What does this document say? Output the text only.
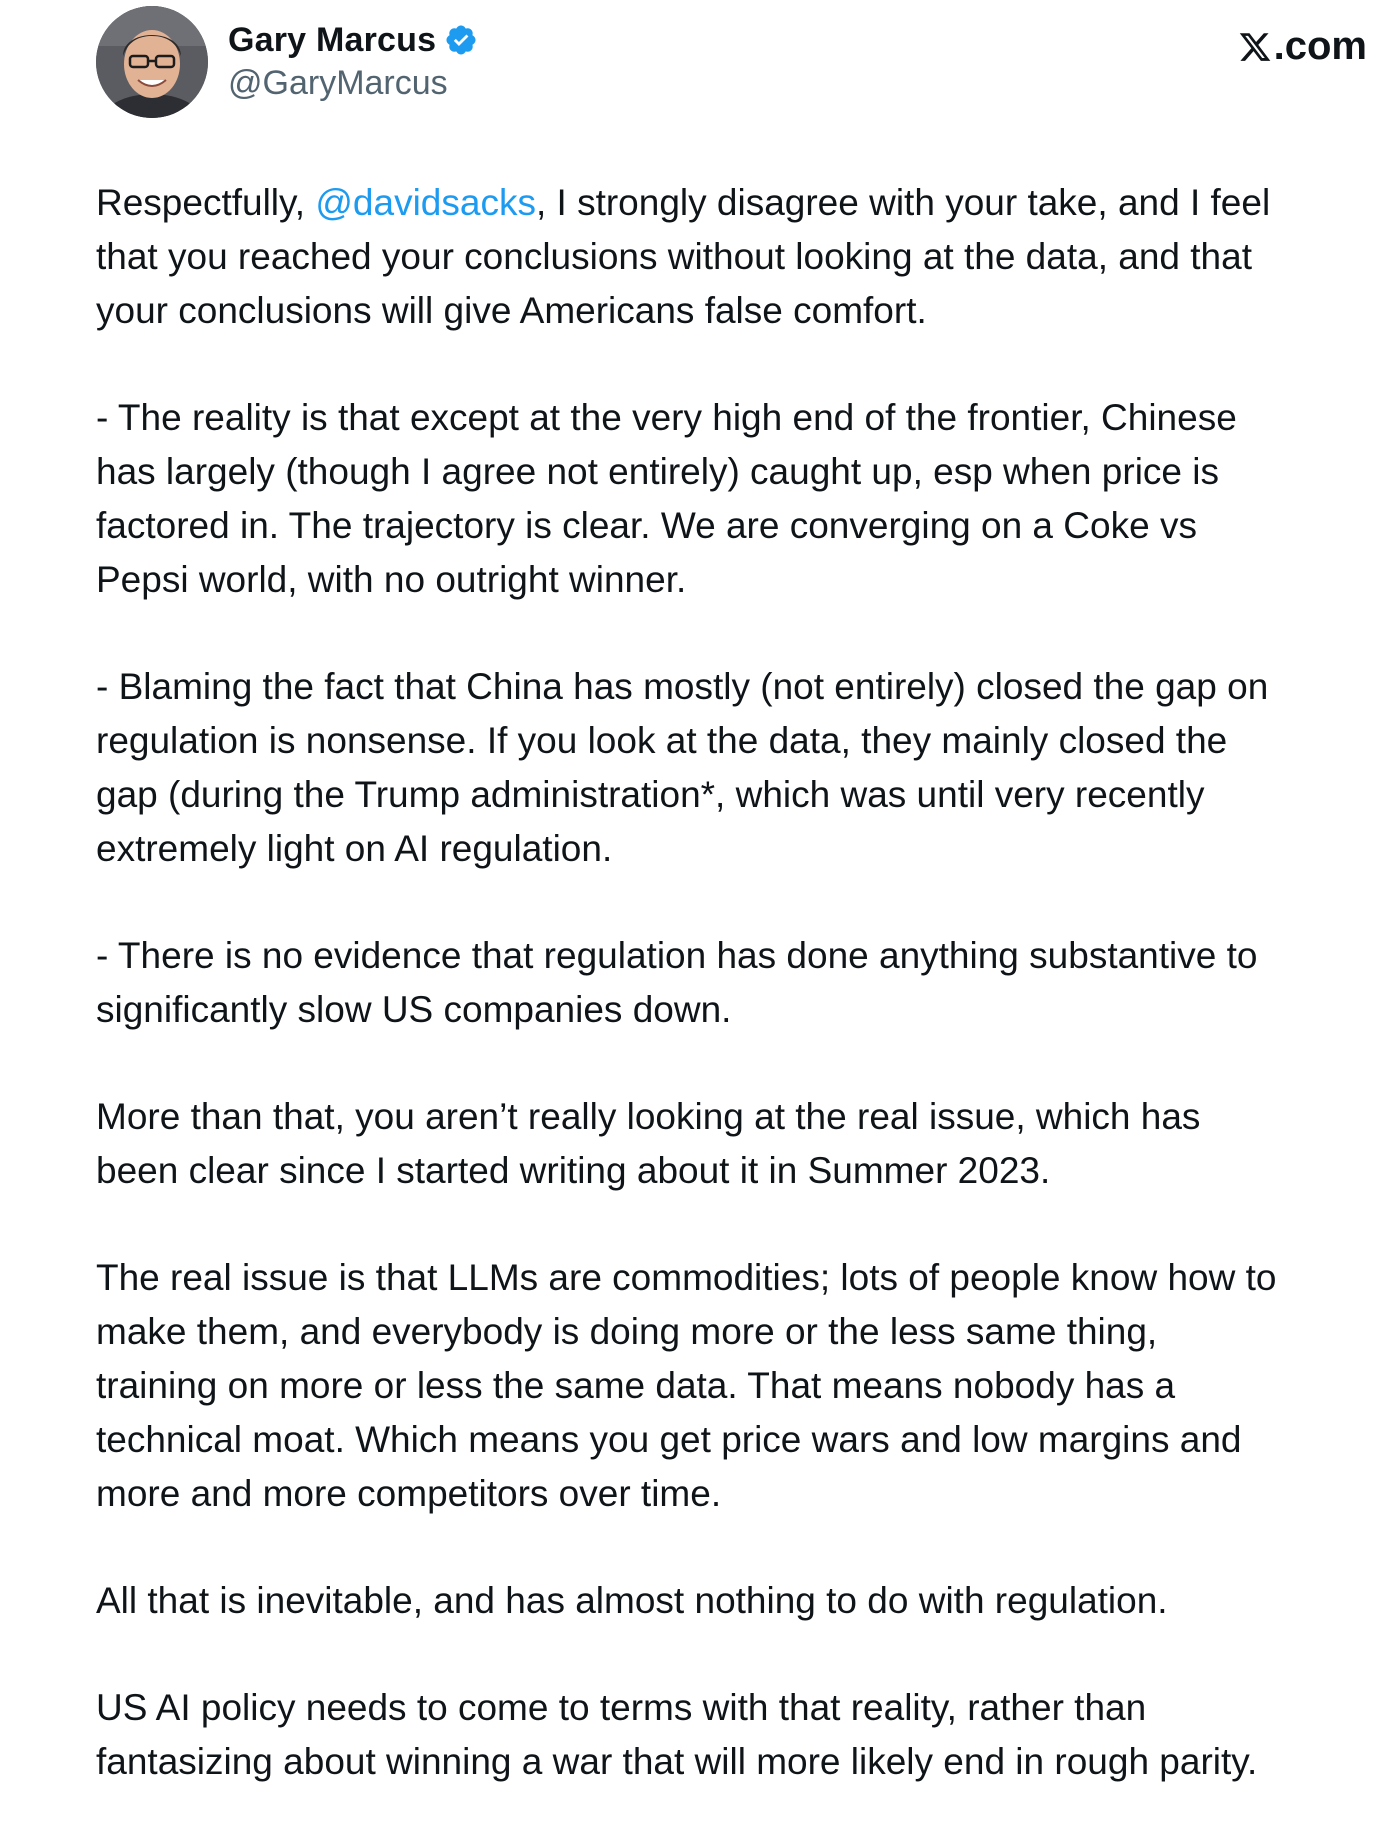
Gary Marcus
@GaryMarcus
.com

Respectfully, @davidsacks, I strongly disagree with your take, and I feel
that you reached your conclusions without looking at the data, and that
your conclusions will give Americans false comfort.

- The reality is that except at the very high end of the frontier, Chinese
has largely (though I agree not entirely) caught up, esp when price is
factored in. The trajectory is clear. We are converging on a Coke vs
Pepsi world, with no outright winner.

- Blaming the fact that China has mostly (not entirely) closed the gap on
regulation is nonsense. If you look at the data, they mainly closed the
gap (during the Trump administration*, which was until very recently
extremely light on AI regulation.

- There is no evidence that regulation has done anything substantive to
significantly slow US companies down.

More than that, you aren’t really looking at the real issue, which has
been clear since I started writing about it in Summer 2023.

The real issue is that LLMs are commodities; lots of people know how to
make them, and everybody is doing more or the less same thing,
training on more or less the same data. That means nobody has a
technical moat. Which means you get price wars and low margins and
more and more competitors over time.

All that is inevitable, and has almost nothing to do with regulation.

US AI policy needs to come to terms with that reality, rather than
fantasizing about winning a war that will more likely end in rough parity.
